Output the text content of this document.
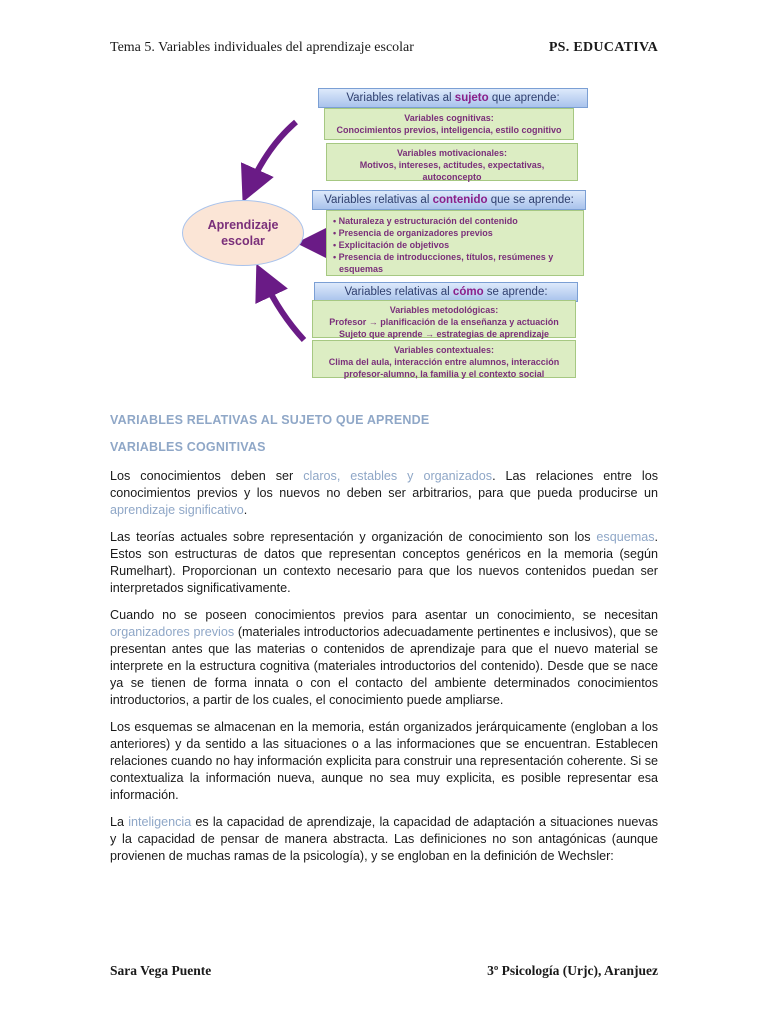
Tema 5. Variables individuales del aprendizaje escolar	PS. EDUCATIVA
Aprendizaje
escolar
Variables relativas al sujeto que aprende:
Variables cognitivas:
Conocimientos previos, inteligencia, estilo cognitivo
Variables motivacionales:
Motivos, intereses, actitudes, expectativas,
autoconcepto
Variables relativas al contenido que se aprende:
• Naturaleza y estructuración del contenido
• Presencia de organizadores previos
• Explicitación de objetivos
• Presencia de introducciones, títulos, resúmenes y
esquemas
Variables relativas al cómo se aprende:
Variables metodológicas:
Profesor → planificación de la enseñanza y actuación
Sujeto que aprende → estrategias de aprendizaje
Variables contextuales:
Clima del aula, interacción entre alumnos, interacción
profesor-alumno, la familia y el contexto social
VARIABLES RELATIVAS AL SUJETO QUE APRENDE
VARIABLES COGNITIVAS

Los conocimientos deben ser claros, estables y organizados. Las relaciones entre los conocimientos previos y los nuevos no deben ser arbitrarios, para que pueda producirse un aprendizaje significativo.

Las teorías actuales sobre representación y organización de conocimiento son los esquemas. Estos son estructuras de datos que representan conceptos genéricos en la memoria (según Rumelhart). Proporcionan un contexto necesario para que los nuevos contenidos puedan ser interpretados significativamente.

Cuando no se poseen conocimientos previos para asentar un conocimiento, se necesitan organizadores previos (materiales introductorios adecuadamente pertinentes e inclusivos), que se presentan antes que las materias o contenidos de aprendizaje para que el nuevo material se interprete en la estructura cognitiva (materiales introductorios del contenido). Desde que se nace ya se tienen de forma innata o con el contacto del ambiente determinados conocimientos introductorios, a partir de los cuales, el conocimiento puede ampliarse.

Los esquemas se almacenan en la memoria, están organizados jerárquicamente (engloban a los anteriores) y da sentido a las situaciones o a las informaciones que se encuentran. Establecen relaciones cuando no hay información explicita para construir una representación coherente. Si se contextualiza la información nueva, aunque no sea muy explicita, es posible representar esa información.

La inteligencia es la capacidad de aprendizaje, la capacidad de adaptación a situaciones nuevas y la capacidad de pensar de manera abstracta. Las definiciones no son antagónicas (aunque provienen de muchas ramas de la psicología), y se engloban en la definición de Wechsler:

Sara Vega Puente	3º Psicología (Urjc), Aranjuez
